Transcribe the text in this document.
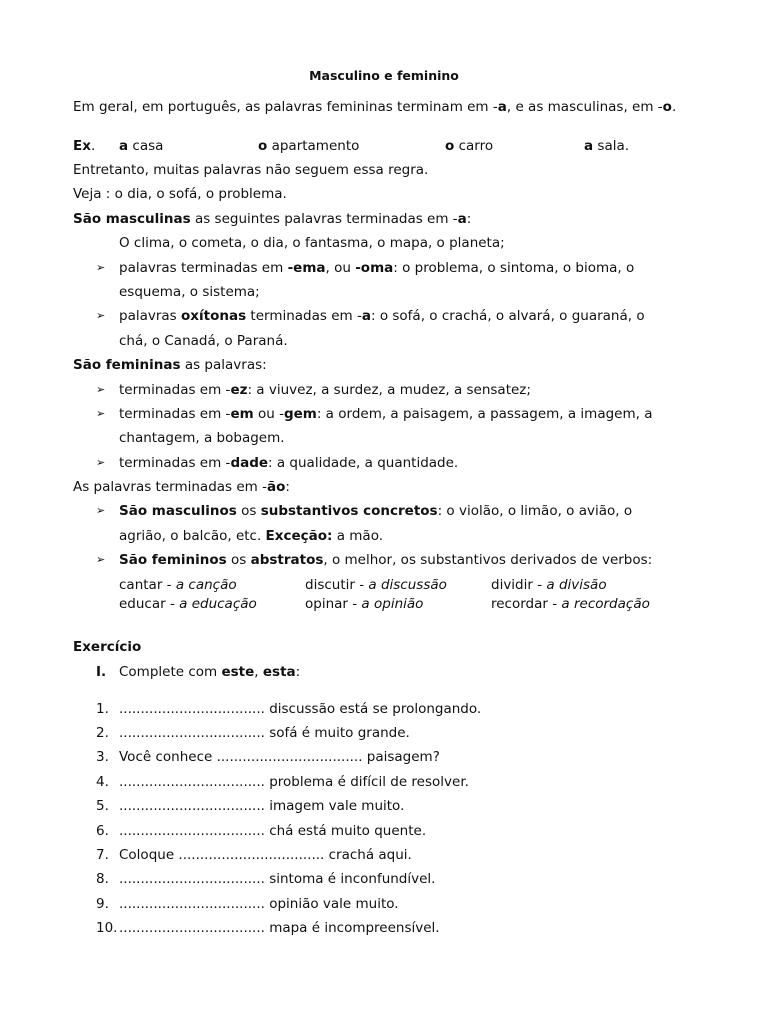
Masculino e feminino
Em geral, em português, as palavras femininas terminam em -a, e as masculinas, em -o.
Ex. a casa	o apartamento	o carro	a sala.
Entretanto, muitas palavras não seguem essa regra.
Veja : o dia, o sofá, o problema.
São masculinas as seguintes palavras terminadas em -a:
O clima, o cometa, o dia, o fantasma, o mapa, o planeta;
➢ palavras terminadas em -ema, ou -oma: o problema, o sintoma, o bioma, o
esquema, o sistema;
➢ palavras oxítonas terminadas em -a: o sofá, o crachá, o alvará, o guaraná, o
chá, o Canadá, o Paraná.
São femininas as palavras:
➢ terminadas em -ez: a viuvez, a surdez, a mudez, a sensatez;
➢ terminadas em -em ou -gem: a ordem, a paisagem, a passagem, a imagem, a
chantagem, a bobagem.
➢ terminadas em -dade: a qualidade, a quantidade.
As palavras terminadas em -ão:
➢ São masculinos os substantivos concretos: o violão, o limão, o avião, o
agrião, o balcão, etc. Exceção: a mão.
➢ São femininos os abstratos, o melhor, os substantivos derivados de verbos:
cantar - a canção	discutir - a discussão	dividir - a divisão
educar - a educação	opinar - a opinião	recordar - a recordação
Exercício
I. Complete com este, esta:
1. .................................. discussão está se prolongando.
2. .................................. sofá é muito grande.
3. Você conhece .................................. paisagem?
4. .................................. problema é difícil de resolver.
5. .................................. imagem vale muito.
6. .................................. chá está muito quente.
7. Coloque .................................. crachá aqui.
8. .................................. sintoma é inconfundível.
9. .................................. opinião vale muito.
10. .................................. mapa é incompreensível.
